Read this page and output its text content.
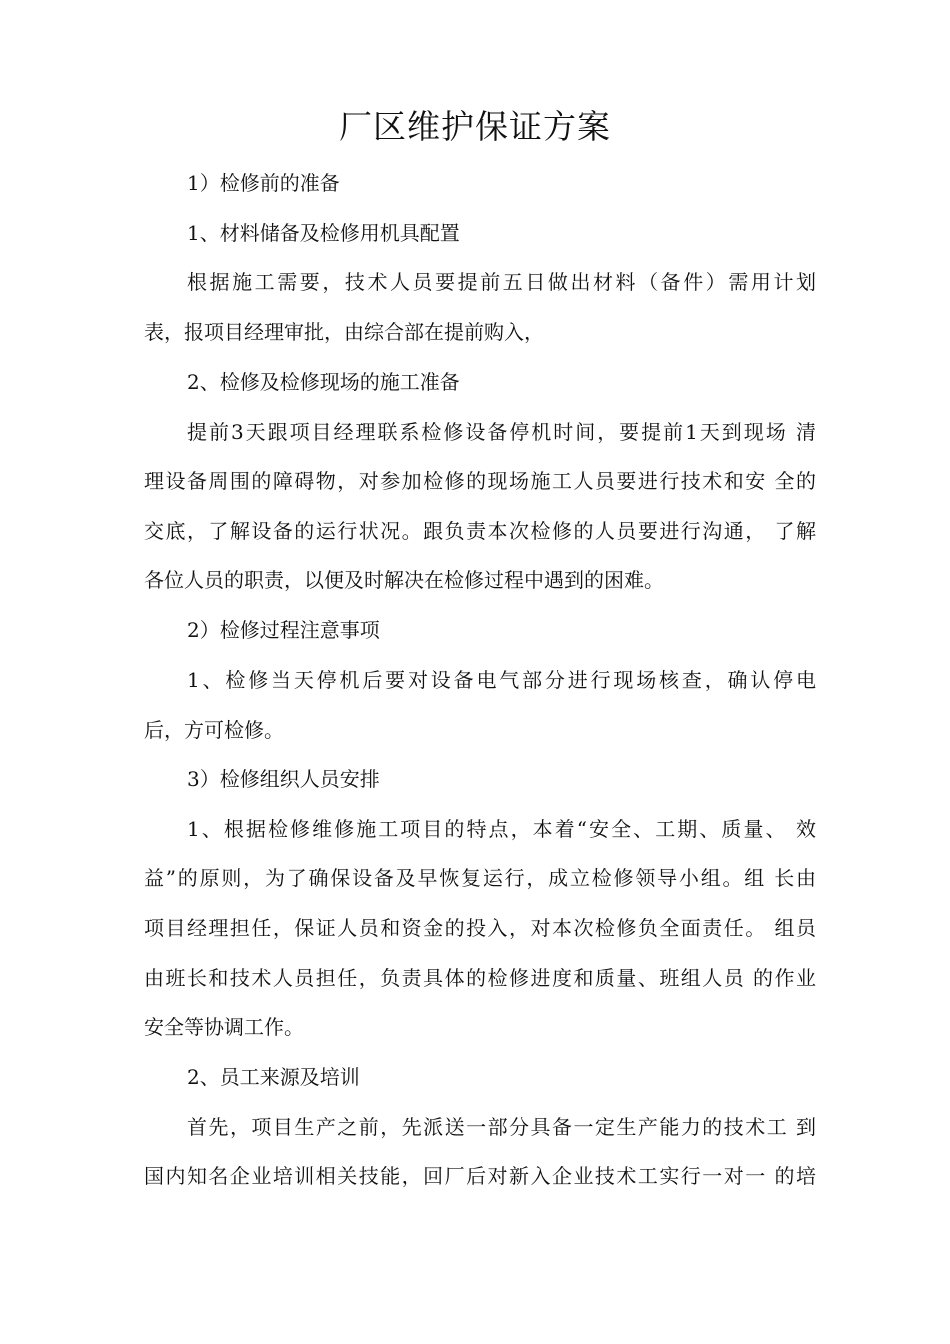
厂区维护保证方案
1）检修前的准备
1、材料储备及检修用机具配置
根据施工需要，技术人员要提前五日做出材料（备件）需用计划
表，报项目经理审批，由综合部在提前购入，
2、检修及检修现场的施工准备
提前3天跟项目经理联系检修设备停机时间，要提前1天到现场 清
理设备周围的障碍物，对参加检修的现场施工人员要进行技术和安 全的
交底，了解设备的运行状况。跟负责本次检修的人员要进行沟通， 了解
各位人员的职责，以便及时解决在检修过程中遇到的困难。
2）检修过程注意事项
1、检修当天停机后要对设备电气部分进行现场核查，确认停电
后，方可检修。
3）检修组织人员安排
1、根据检修维修施工项目的特点，本着“安全、工期、质量、 效
益”的原则，为了确保设备及早恢复运行，成立检修领导小组。组 长由
项目经理担任，保证人员和资金的投入，对本次检修负全面责任。 组员
由班长和技术人员担任，负责具体的检修进度和质量、班组人员 的作业
安全等协调工作。
2、员工来源及培训
首先，项目生产之前，先派送一部分具备一定生产能力的技术工 到
国内知名企业培训相关技能，回厂后对新入企业技术工实行一对一 的培
